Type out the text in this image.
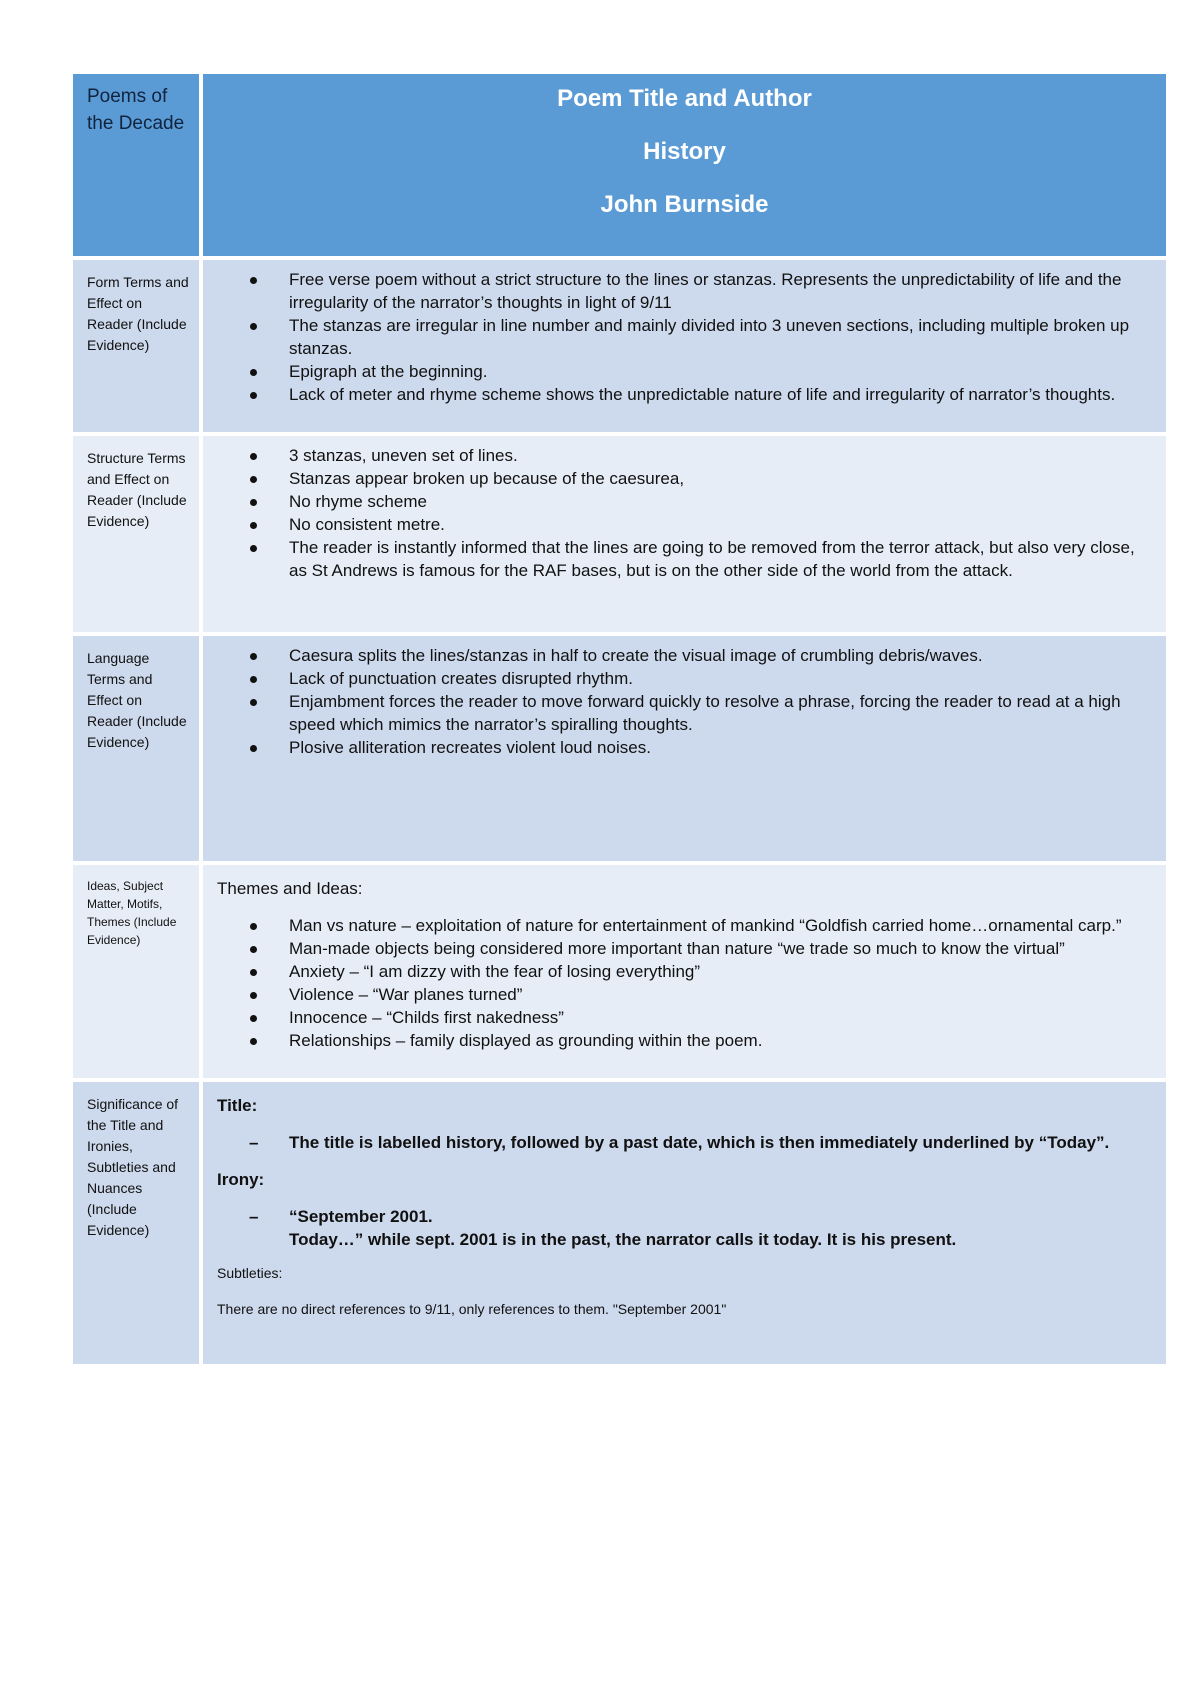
Poems of the Decade

Poem Title and Author

History

John Burnside

Form Terms and Effect on Reader (Include Evidence)
Free verse poem without a strict structure to the lines or stanzas. Represents the unpredictability of life and the irregularity of the narrator’s thoughts in light of 9/11
The stanzas are irregular in line number and mainly divided into 3 uneven sections, including multiple broken up stanzas.
Epigraph at the beginning.
Lack of meter and rhyme scheme shows the unpredictable nature of life and irregularity of narrator’s thoughts.
Structure Terms and Effect on Reader (Include Evidence)
3 stanzas, uneven set of lines.
Stanzas appear broken up because of the caesurea,
No rhyme scheme
No consistent metre.
The reader is instantly informed that the lines are going to be removed from the terror attack, but also very close, as St Andrews is famous for the RAF bases, but is on the other side of the world from the attack.
Language Terms and Effect on Reader (Include Evidence)
Caesura splits the lines/stanzas in half to create the visual image of crumbling debris/waves.
Lack of punctuation creates disrupted rhythm.
Enjambment forces the reader to move forward quickly to resolve a phrase, forcing the reader to read at a high speed which mimics the narrator’s spiralling thoughts.
Plosive alliteration recreates violent loud noises.
Ideas, Subject Matter, Motifs, Themes (Include Evidence)

Themes and Ideas:

Man vs nature – exploitation of nature for entertainment of mankind “Goldfish carried home…ornamental carp.”
Man-made objects being considered more important than nature “we trade so much to know the virtual”
Anxiety – “I am dizzy with the fear of losing everything”
Violence – “War planes turned”
Innocence – “Childs first nakedness”
Relationships – family displayed as grounding within the poem.
Significance of the Title and Ironies, Subtleties and Nuances (Include Evidence)

Title:

– The title is labelled history, followed by a past date, which is then immediately underlined by “Today”.

Irony:

– “September 2001.
Today…” while sept. 2001 is in the past, the narrator calls it today. It is his present.

Subtleties:

There are no direct references to 9/11, only references to them. "September 2001"
